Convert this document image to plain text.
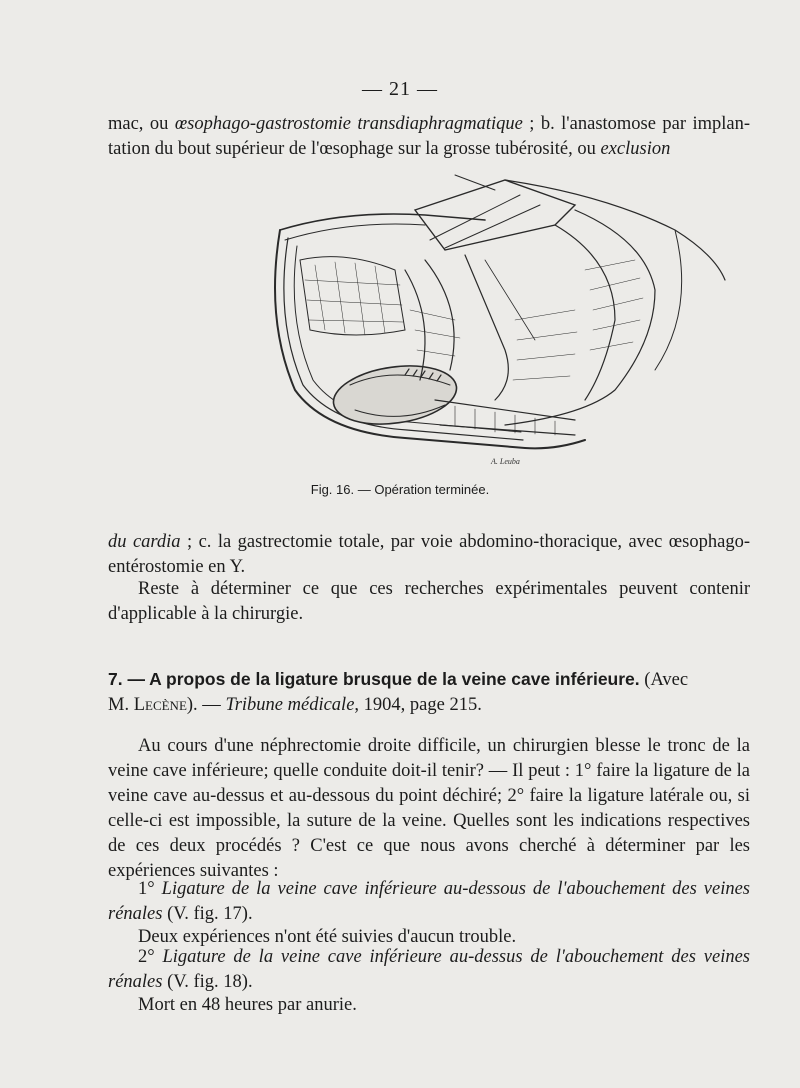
— 21 —

mac, ou œsophago-gastrostomie transdiaphragmatique ; b. l'anastomose par implan- tation du bout supérieur de l'œsophage sur la grosse tubérosité, ou exclusion

A. Leuba
Fig. 16. — Opération terminée.

du cardia ; c. la gastrectomie totale, par voie abdomino-thoracique, avec œsophago-entérostomie en Y.

Reste à déterminer ce que ces recherches expérimentales peuvent contenir d'applicable à la chirurgie.

7. — A propos de la ligature brusque de la veine cave inférieure. (Avec
M. Lecène). — Tribune médicale, 1904, page 215.

Au cours d'une néphrectomie droite difficile, un chirurgien blesse le tronc de la veine cave inférieure; quelle conduite doit-il tenir? — Il peut : 1° faire la ligature de la veine cave au-dessus et au-dessous du point déchiré; 2° faire la ligature latérale ou, si celle-ci est impossible, la suture de la veine. Quelles sont les indications respectives de ces deux procédés ? C'est ce que nous avons cherché à déterminer par les expériences suivantes :

1° Ligature de la veine cave inférieure au-dessous de l'abouchement des veines rénales (V. fig. 17).

Deux expériences n'ont été suivies d'aucun trouble.

2° Ligature de la veine cave inférieure au-dessus de l'abouchement des veines rénales (V. fig. 18).

Mort en 48 heures par anurie.
